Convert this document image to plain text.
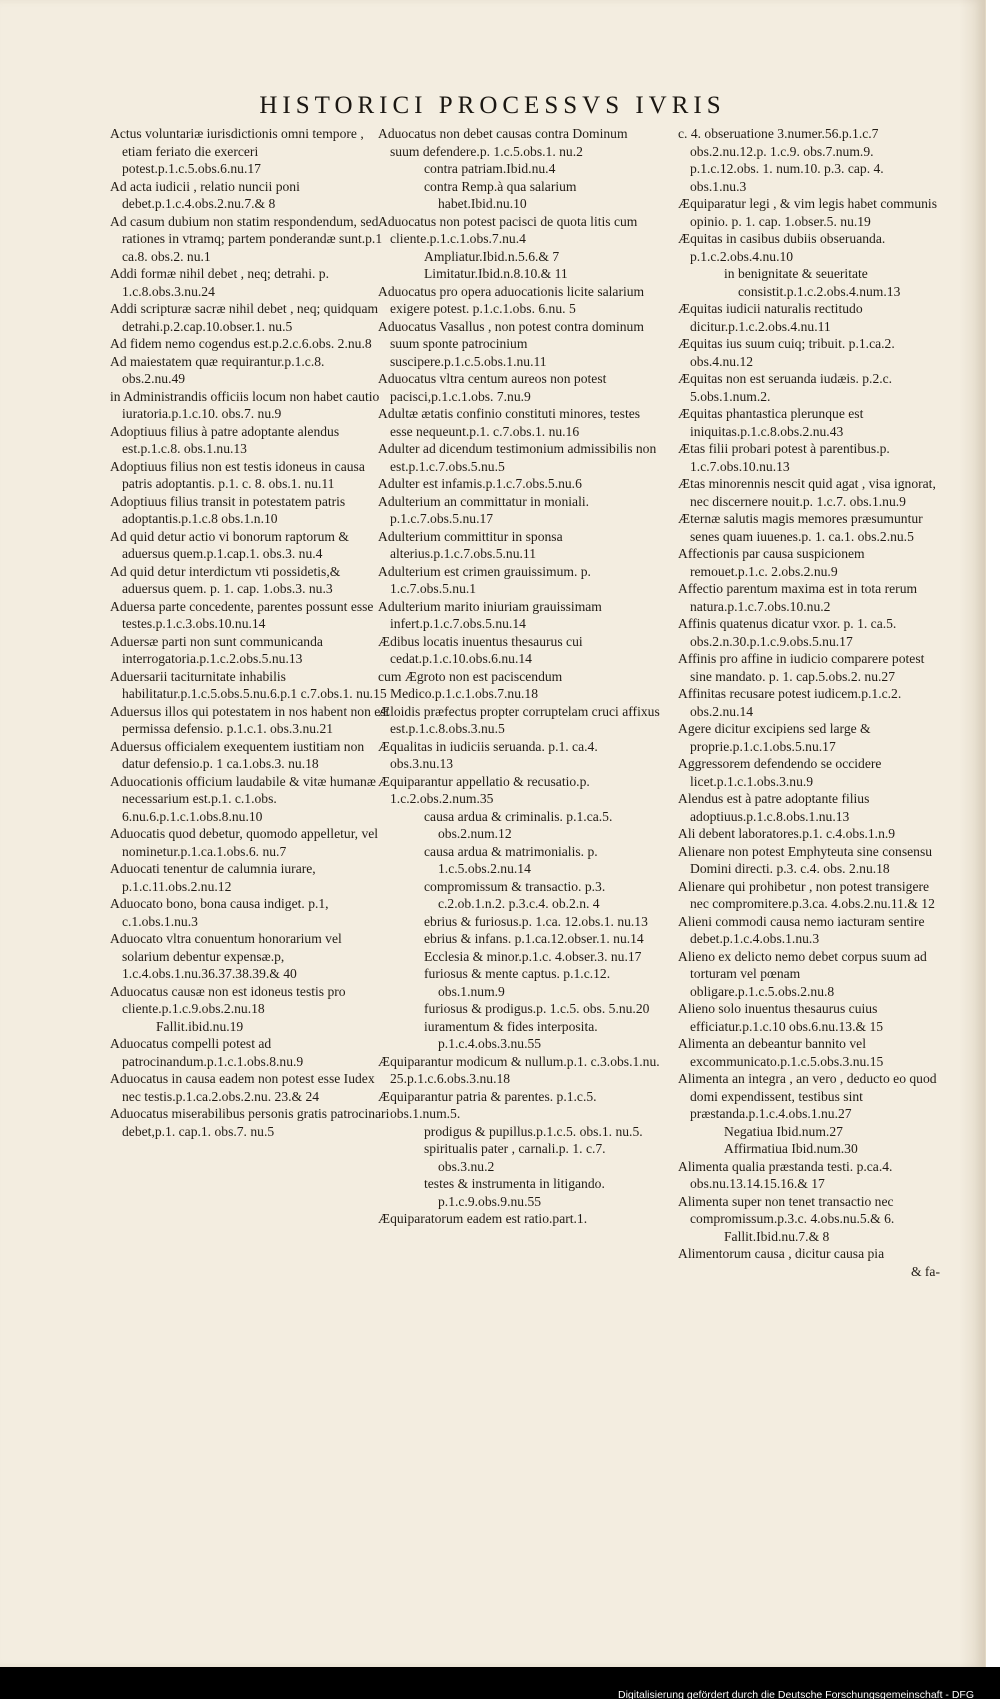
HISTORICI PROCESSVS IVRIS

Actus voluntariæ iurisdictionis omni tempore , etiam feriato die exerceri potest.p.1.c.5.obs.6.nu.17

Ad acta iudicii , relatio nuncii poni debet.p.1.c.4.obs.2.nu.7.& 8

Ad casum dubium non statim respondendum, sed rationes in vtramq; partem ponderandæ sunt.p.1 ca.8. obs.2. nu.1

Addi formæ nihil debet , neq; detrahi. p. 1.c.8.obs.3.nu.24

Addi scripturæ sacræ nihil debet , neq; quidquam detrahi.p.2.cap.10.obser.1. nu.5

Ad fidem nemo cogendus est.p.2.c.6.obs. 2.nu.8

Ad maiestatem quæ requirantur.p.1.c.8. obs.2.nu.49

in Administrandis officiis locum non habet cautio iuratoria.p.1.c.10. obs.7. nu.9

Adoptiuus filius à patre adoptante alendus est.p.1.c.8. obs.1.nu.13

Adoptiuus filius non est testis idoneus in causa patris adoptantis. p.1. c. 8. obs.1. nu.11

Adoptiuus filius transit in potestatem patris adoptantis.p.1.c.8 obs.1.n.10

Ad quid detur actio vi bonorum raptorum & aduersus quem.p.1.cap.1. obs.3. nu.4

Ad quid detur interdictum vti possidetis,& aduersus quem. p. 1. cap. 1.obs.3. nu.3

Aduersa parte concedente, parentes possunt esse testes.p.1.c.3.obs.10.nu.14

Aduersæ parti non sunt communicanda interrogatoria.p.1.c.2.obs.5.nu.13

Aduersarii taciturnitate inhabilis habilitatur.p.1.c.5.obs.5.nu.6.p.1 c.7.obs.1. nu.15

Aduersus illos qui potestatem in nos habent non est permissa defensio. p.1.c.1. obs.3.nu.21

Aduersus officialem exequentem iustitiam non datur defensio.p. 1 ca.1.obs.3. nu.18

Aduocationis officium laudabile & vitæ humanæ necessarium est.p.1. c.1.obs. 6.nu.6.p.1.c.1.obs.8.nu.10

Aduocatis quod debetur, quomodo appelletur, vel nominetur.p.1.ca.1.obs.6. nu.7

Aduocati tenentur de calumnia iurare, p.1.c.11.obs.2.nu.12

Aduocato bono, bona causa indiget. p.1, c.1.obs.1.nu.3

Aduocato vltra conuentum honorarium vel solarium debentur expensæ.p, 1.c.4.obs.1.nu.36.37.38.39.& 40

Aduocatus causæ non est idoneus testis pro cliente.p.1.c.9.obs.2.nu.18

Fallit.ibid.nu.19

Aduocatus compelli potest ad patrocinandum.p.1.c.1.obs.8.nu.9

Aduocatus in causa eadem non potest esse Iudex nec testis.p.1.ca.2.obs.2.nu. 23.& 24

Aduocatus miserabilibus personis gratis patrocinari debet,p.1. cap.1. obs.7. nu.5

Aduocatus non debet causas contra Dominum suum defendere.p. 1.c.5.obs.1. nu.2

contra patriam.Ibid.nu.4

contra Remp.à qua salarium habet.Ibid.nu.10

Aduocatus non potest pacisci de quota litis cum cliente.p.1.c.1.obs.7.nu.4

Ampliatur.Ibid.n.5.6.& 7

Limitatur.Ibid.n.8.10.& 11

Aduocatus pro opera aduocationis licite salarium exigere potest. p.1.c.1.obs. 6.nu. 5

Aduocatus Vasallus , non potest contra dominum suum sponte patrocinium suscipere.p.1.c.5.obs.1.nu.11

Aduocatus vltra centum aureos non potest pacisci,p.1.c.1.obs. 7.nu.9

Adultæ ætatis confinio constituti minores, testes esse nequeunt.p.1. c.7.obs.1. nu.16

Adulter ad dicendum testimonium admissibilis non est.p.1.c.7.obs.5.nu.5

Adulter est infamis.p.1.c.7.obs.5.nu.6

Adulterium an committatur in moniali. p.1.c.7.obs.5.nu.17

Adulterium committitur in sponsa alterius.p.1.c.7.obs.5.nu.11

Adulterium est crimen grauissimum. p. 1.c.7.obs.5.nu.1

Adulterium marito iniuriam grauissimam infert.p.1.c.7.obs.5.nu.14

Ædibus locatis inuentus thesaurus cui cedat.p.1.c.10.obs.6.nu.14

cum Ægroto non est paciscendum Medico.p.1.c.1.obs.7.nu.18

Æloidis præfectus propter corruptelam cruci affixus est.p.1.c.8.obs.3.nu.5

Æqualitas in iudiciis seruanda. p.1. ca.4. obs.3.nu.13

Æquiparantur appellatio & recusatio.p. 1.c.2.obs.2.num.35

causa ardua & criminalis. p.1.ca.5. obs.2.num.12

causa ardua & matrimonialis. p. 1.c.5.obs.2.nu.14

compromissum & transactio. p.3. c.2.ob.1.n.2. p.3.c.4. ob.2.n. 4

ebrius & furiosus.p. 1.ca. 12.obs.1. nu.13

ebrius & infans. p.1.ca.12.obser.1. nu.14

Ecclesia & minor.p.1.c. 4.obser.3. nu.17

furiosus & mente captus. p.1.c.12. obs.1.num.9

furiosus & prodigus.p. 1.c.5. obs. 5.nu.20

iuramentum & fides interposita. p.1.c.4.obs.3.nu.55

Æquiparantur modicum & nullum.p.1. c.3.obs.1.nu. 25.p.1.c.6.obs.3.nu.18

Æquiparantur patria & parentes. p.1.c.5. obs.1.num.5.

prodigus & pupillus.p.1.c.5. obs.1. nu.5.

spiritualis pater , carnali.p. 1. c.7. obs.3.nu.2

testes & instrumenta in litigando. p.1.c.9.obs.9.nu.55

Æquiparatorum eadem est ratio.part.1.

c. 4. obseruatione 3.numer.56.p.1.c.7 obs.2.nu.12.p. 1.c.9. obs.7.num.9. p.1.c.12.obs. 1. num.10. p.3. cap. 4. obs.1.nu.3

Æquiparatur legi , & vim legis habet communis opinio. p. 1. cap. 1.obser.5. nu.19

Æquitas in casibus dubiis obseruanda. p.1.c.2.obs.4.nu.10

in benignitate & seueritate consistit.p.1.c.2.obs.4.num.13

Æquitas iudicii naturalis rectitudo dicitur.p.1.c.2.obs.4.nu.11

Æquitas ius suum cuiq; tribuit. p.1.ca.2. obs.4.nu.12

Æquitas non est seruanda iudæis. p.2.c. 5.obs.1.num.2.

Æquitas phantastica plerunque est iniquitas.p.1.c.8.obs.2.nu.43

Ætas filii probari potest à parentibus.p. 1.c.7.obs.10.nu.13

Ætas minorennis nescit quid agat , visa ignorat, nec discernere nouit.p. 1.c.7. obs.1.nu.9

Æternæ salutis magis memores præsumuntur senes quam iuuenes.p. 1. ca.1. obs.2.nu.5

Affectionis par causa suspicionem remouet.p.1.c. 2.obs.2.nu.9

Affectio parentum maxima est in tota rerum natura.p.1.c.7.obs.10.nu.2

Affinis quatenus dicatur vxor. p. 1. ca.5. obs.2.n.30.p.1.c.9.obs.5.nu.17

Affinis pro affine in iudicio comparere potest sine mandato. p. 1. cap.5.obs.2. nu.27

Affinitas recusare potest iudicem.p.1.c.2. obs.2.nu.14

Agere dicitur excipiens sed large & proprie.p.1.c.1.obs.5.nu.17

Aggressorem defendendo se occidere licet.p.1.c.1.obs.3.nu.9

Alendus est à patre adoptante filius adoptiuus.p.1.c.8.obs.1.nu.13

Ali debent laboratores.p.1. c.4.obs.1.n.9

Alienare non potest Emphyteuta sine consensu Domini directi. p.3. c.4. obs. 2.nu.18

Alienare qui prohibetur , non potest transigere nec compromitere.p.3.ca. 4.obs.2.nu.11.& 12

Alieni commodi causa nemo iacturam sentire debet.p.1.c.4.obs.1.nu.3

Alieno ex delicto nemo debet corpus suum ad torturam vel pœnam obligare.p.1.c.5.obs.2.nu.8

Alieno solo inuentus thesaurus cuius efficiatur.p.1.c.10 obs.6.nu.13.& 15

Alimenta an debeantur bannito vel excommunicato.p.1.c.5.obs.3.nu.15

Alimenta an integra , an vero , deducto eo quod domi expendissent, testibus sint præstanda.p.1.c.4.obs.1.nu.27

Negatiua Ibid.num.27

Affirmatiua Ibid.num.30

Alimenta qualia præstanda testi. p.ca.4. obs.nu.13.14.15.16.& 17

Alimenta super non tenet transactio nec compromissum.p.3.c. 4.obs.nu.5.& 6.

Fallit.Ibid.nu.7.& 8

Alimentorum causa , dicitur causa pia

& fa-

Digitalisierung gefördert durch die Deutsche Forschungsgemeinschaft - DFG
